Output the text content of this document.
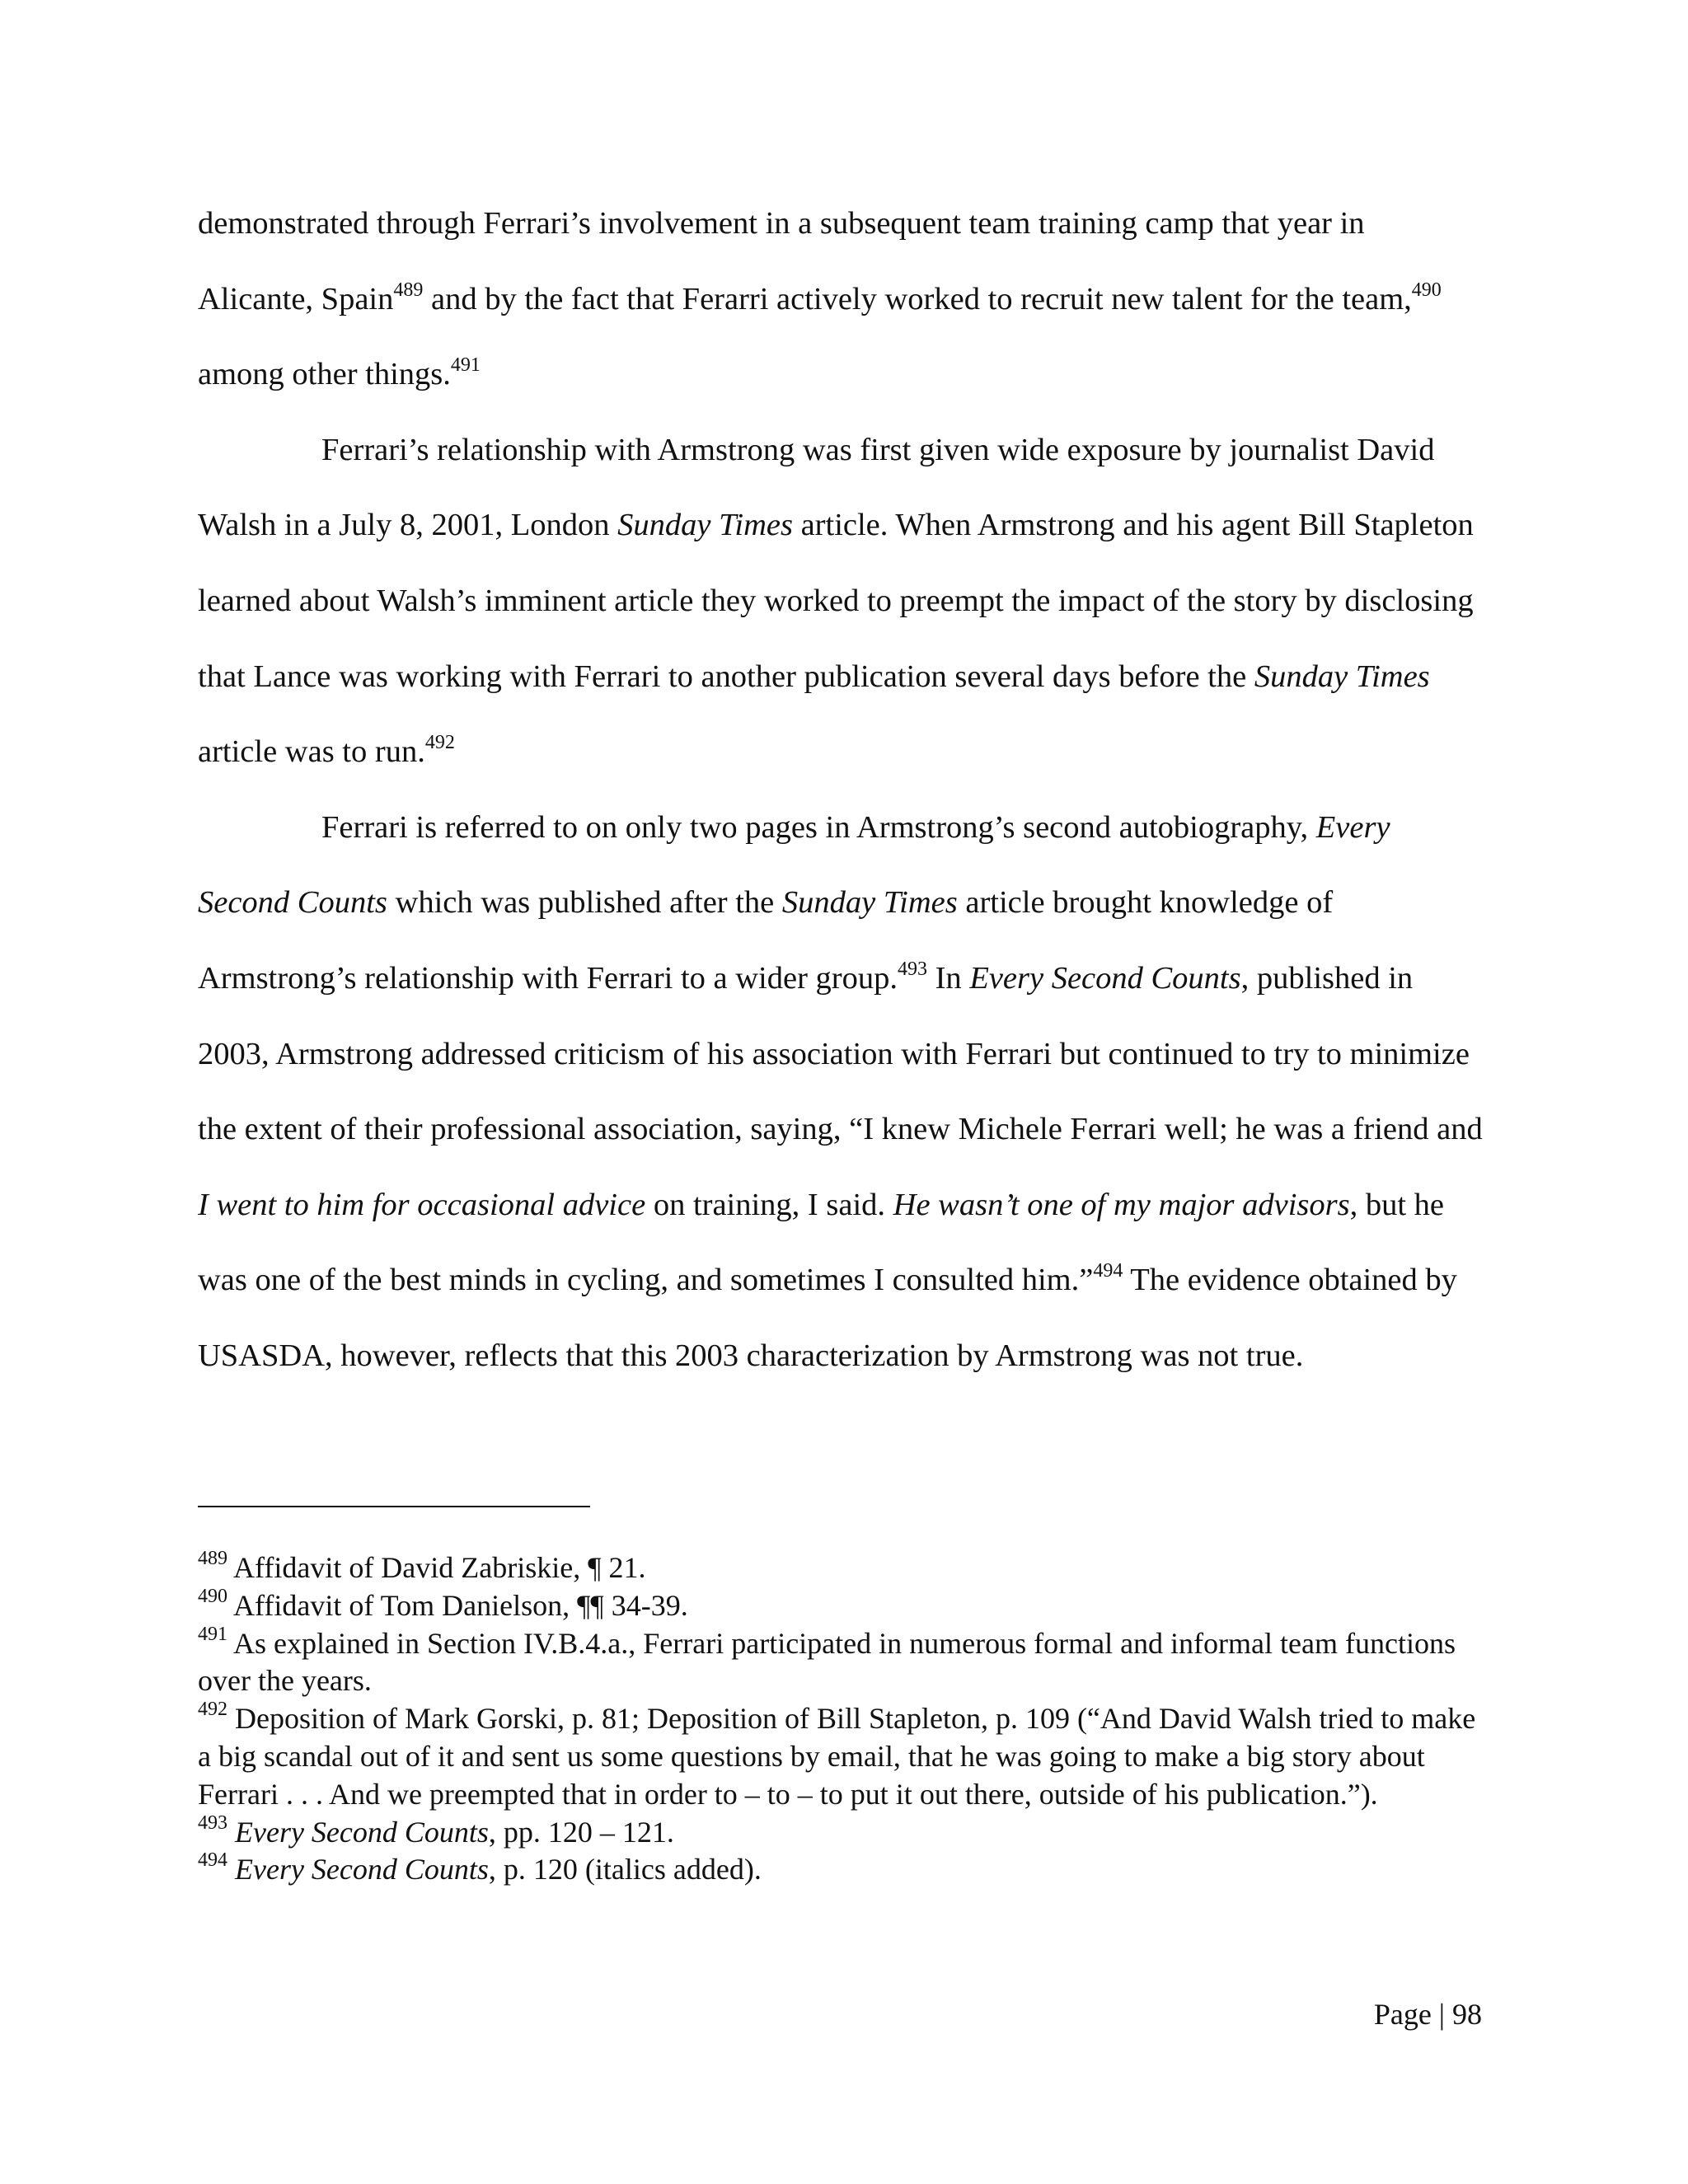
demonstrated through Ferrari’s involvement in a subsequent team training camp that year in Alicante, Spain$^{489}$ and by the fact that Ferarri actively worked to recruit new talent for the team,$^{490}$ among other things.$^{491}$

Ferrari’s relationship with Armstrong was first given wide exposure by journalist David Walsh in a July 8, 2001, London Sunday Times article. When Armstrong and his agent Bill Stapleton learned about Walsh’s imminent article they worked to preempt the impact of the story by disclosing that Lance was working with Ferrari to another publication several days before the Sunday Times article was to run.$^{492}$

Ferrari is referred to on only two pages in Armstrong’s second autobiography, Every Second Counts which was published after the Sunday Times article brought knowledge of Armstrong’s relationship with Ferrari to a wider group.$^{493}$ In Every Second Counts, published in 2003, Armstrong addressed criticism of his association with Ferrari but continued to try to minimize the extent of their professional association, saying, “I knew Michele Ferrari well; he was a friend and I went to him for occasional advice on training, I said. He wasn’t one of my major advisors, but he was one of the best minds in cycling, and sometimes I consulted him.”$^{494}$ The evidence obtained by USASDA, however, reflects that this 2003 characterization by Armstrong was not true.

$^{489}$ Affidavit of David Zabriskie, ¶ 21.

$^{490}$ Affidavit of Tom Danielson, ¶¶ 34-39.

$^{491}$ As explained in Section IV.B.4.a., Ferrari participated in numerous formal and informal team functions over the years.

$^{492}$ Deposition of Mark Gorski, p. 81; Deposition of Bill Stapleton, p. 109 (“And David Walsh tried to make a big scandal out of it and sent us some questions by email, that he was going to make a big story about Ferrari . . . And we preempted that in order to – to – to put it out there, outside of his publication.”).

$^{493}$ Every Second Counts, pp. 120 – 121.

$^{494}$ Every Second Counts, p. 120 (italics added).

Page | 98
